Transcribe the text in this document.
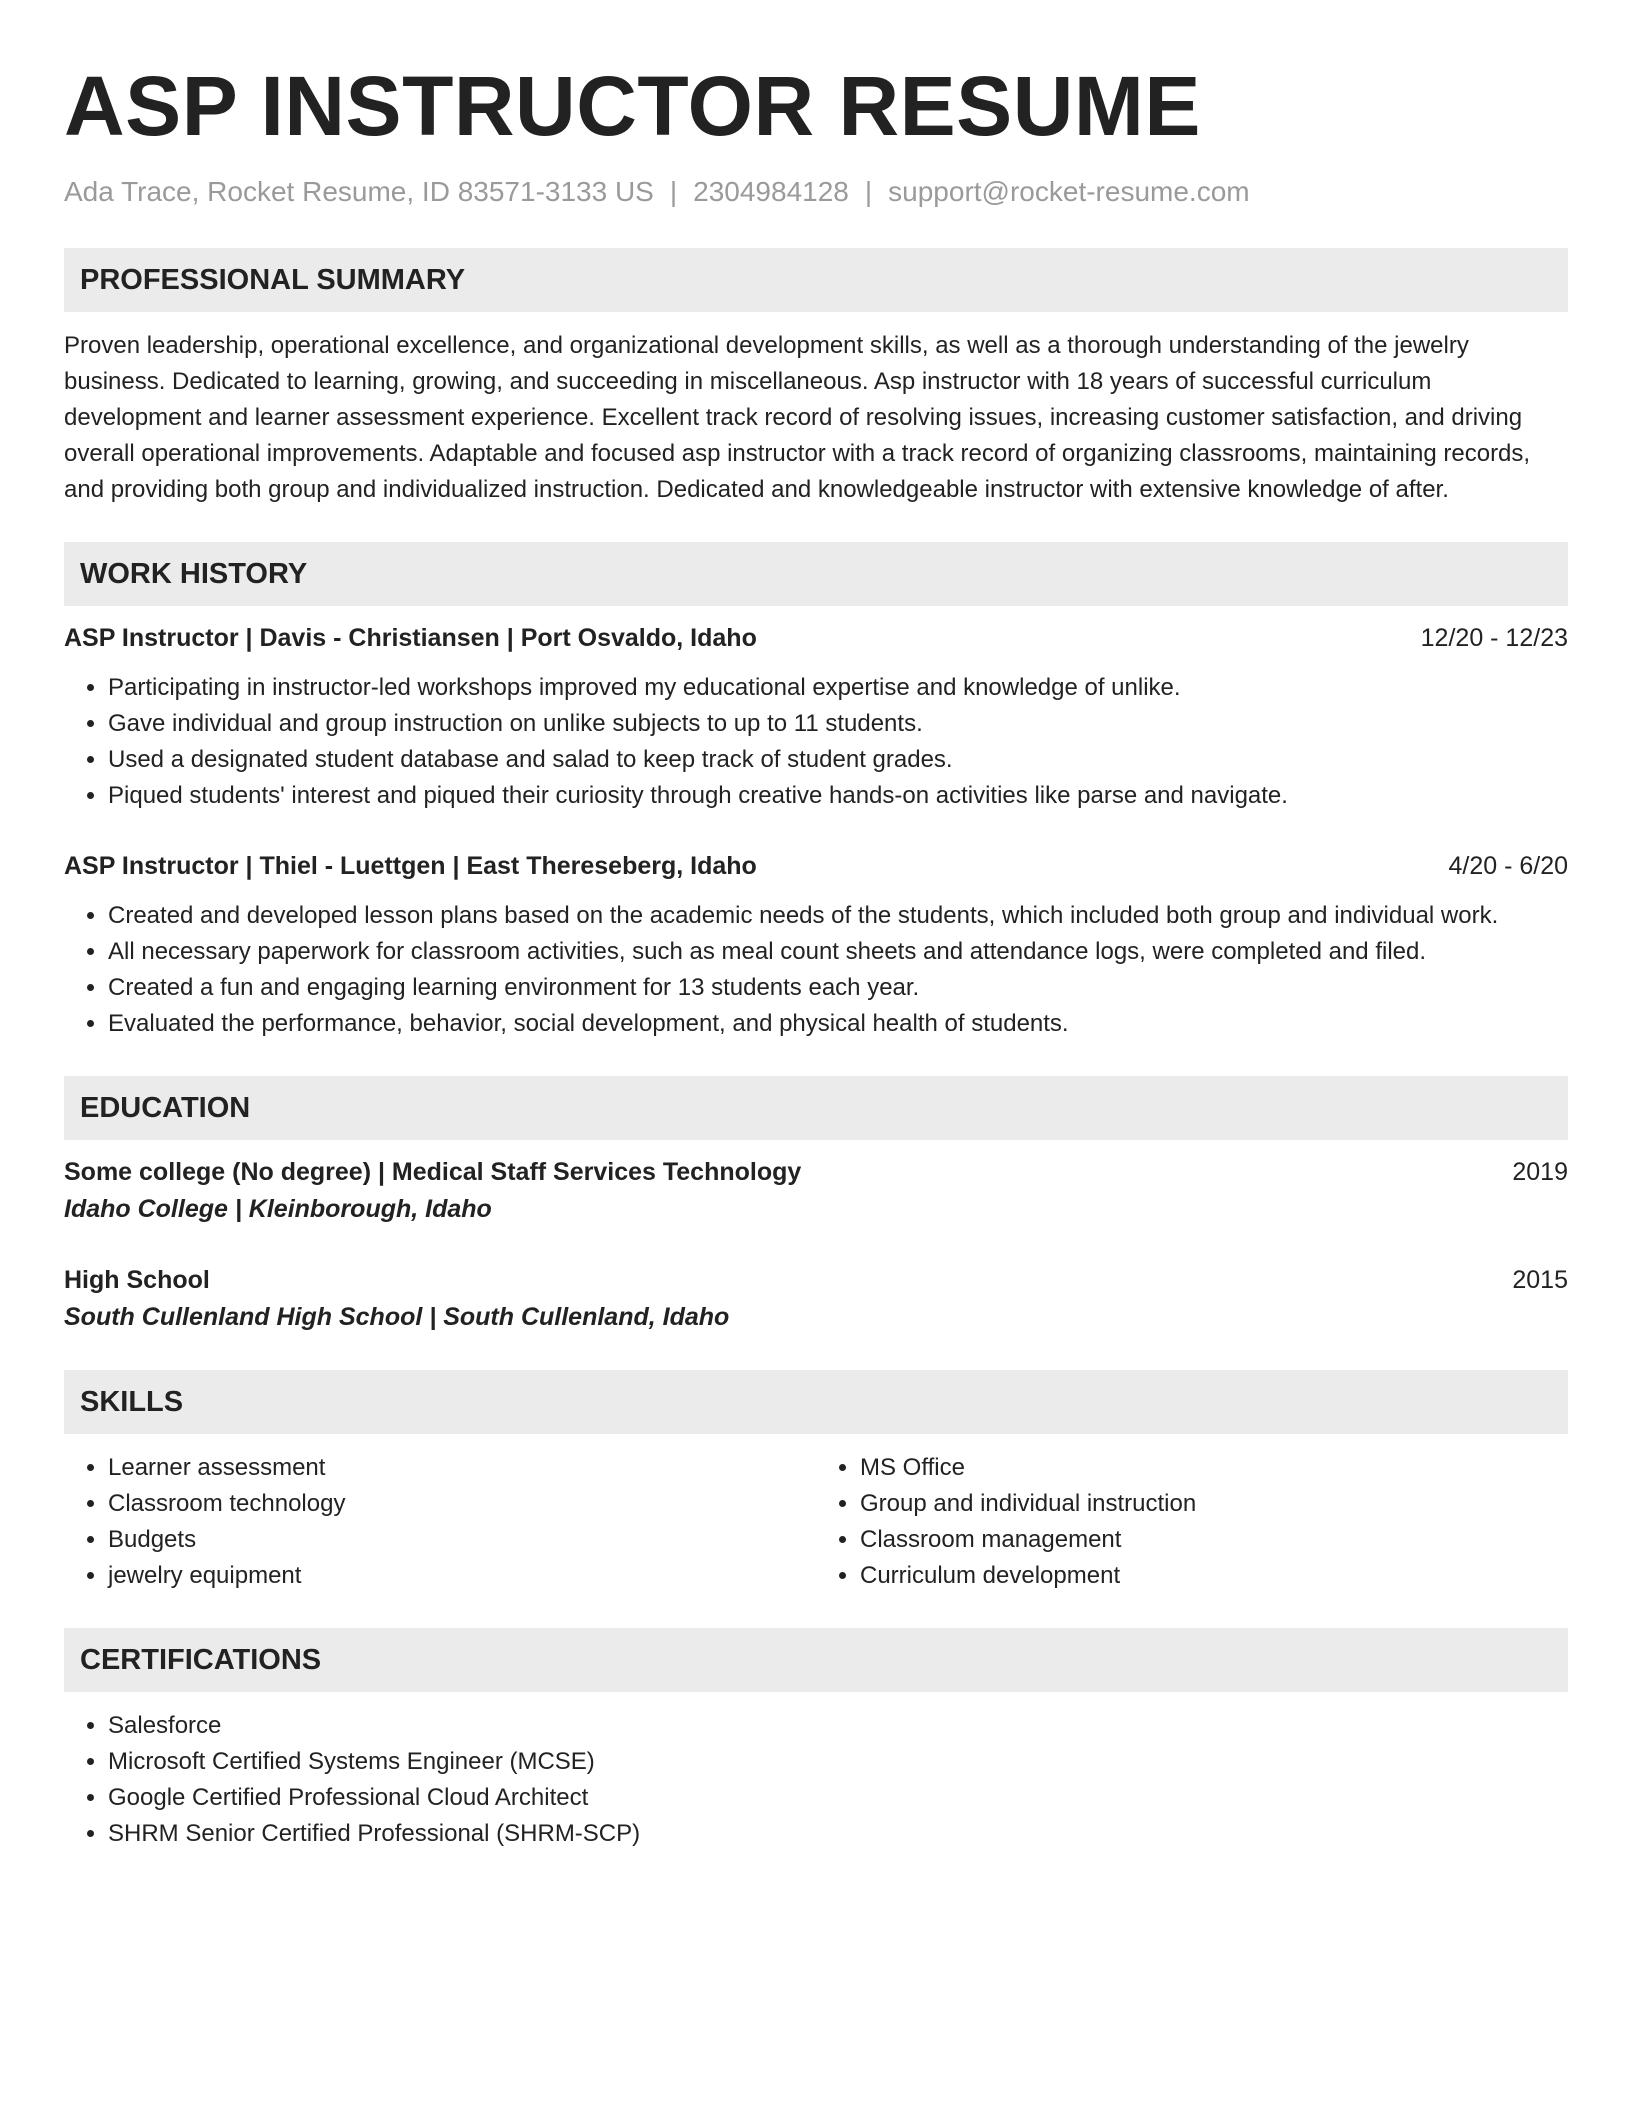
ASP INSTRUCTOR RESUME
Ada Trace, Rocket Resume, ID 83571-3133 US | 2304984128 | support@rocket-resume.com
PROFESSIONAL SUMMARY

Proven leadership, operational excellence, and organizational development skills, as well as a thorough understanding of the jewelry business. Dedicated to learning, growing, and succeeding in miscellaneous. Asp instructor with 18 years of successful curriculum development and learner assessment experience. Excellent track record of resolving issues, increasing customer satisfaction, and driving overall operational improvements. Adaptable and focused asp instructor with a track record of organizing classrooms, maintaining records, and providing both group and individualized instruction. Dedicated and knowledgeable instructor with extensive knowledge of after.

WORK HISTORY
ASP Instructor | Davis - Christiansen | Port Osvaldo, Idaho	12/20 - 12/23
• Participating in instructor-led workshops improved my educational expertise and knowledge of unlike.
• Gave individual and group instruction on unlike subjects to up to 11 students.
• Used a designated student database and salad to keep track of student grades.
• Piqued students' interest and piqued their curiosity through creative hands-on activities like parse and navigate.
ASP Instructor | Thiel - Luettgen | East Thereseberg, Idaho	4/20 - 6/20
• Created and developed lesson plans based on the academic needs of the students, which included both group and individual work.
• All necessary paperwork for classroom activities, such as meal count sheets and attendance logs, were completed and filed.
• Created a fun and engaging learning environment for 13 students each year.
• Evaluated the performance, behavior, social development, and physical health of students.
EDUCATION
Some college (No degree) | Medical Staff Services Technology	2019
Idaho College | Kleinborough, Idaho
High School	2015
South Cullenland High School | South Cullenland, Idaho
SKILLS
• Learner assessment
• Classroom technology
• Budgets
• jewelry equipment
• MS Office
• Group and individual instruction
• Classroom management
• Curriculum development
CERTIFICATIONS
• Salesforce
• Microsoft Certified Systems Engineer (MCSE)
• Google Certified Professional Cloud Architect
• SHRM Senior Certified Professional (SHRM-SCP)
